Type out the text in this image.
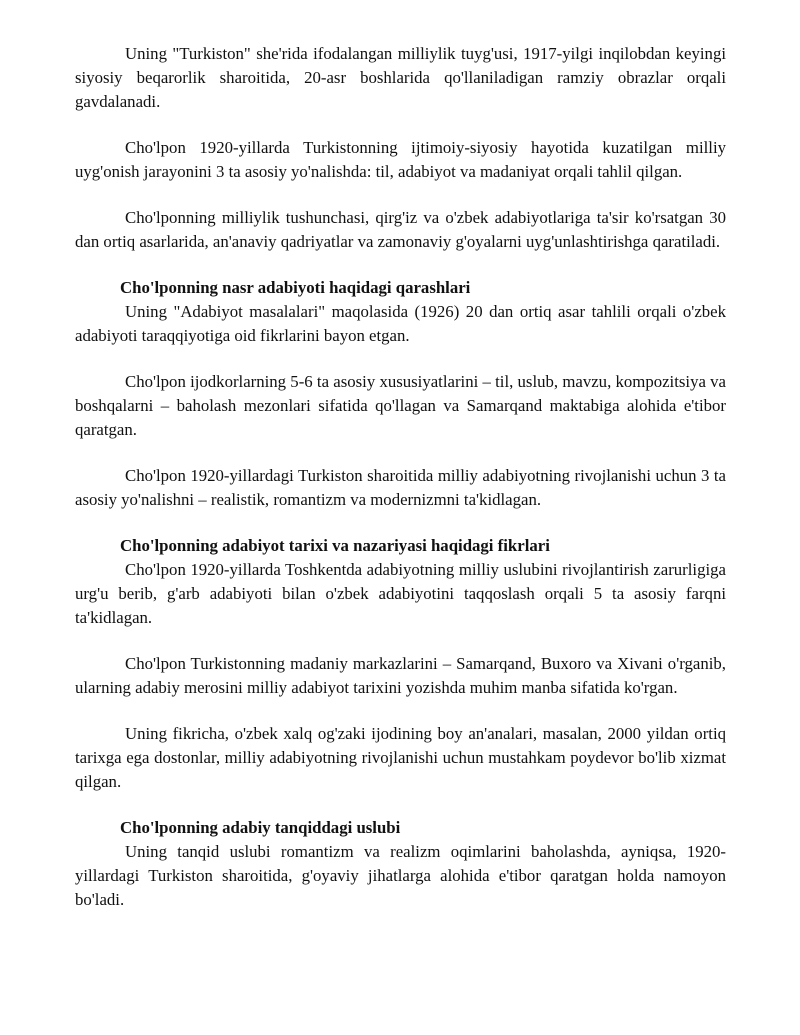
Uning "Turkiston" she'rida ifodalangan milliylik tuyg'usi, 1917-yilgi inqilobdan keyingi siyosiy beqarorlik sharoitida, 20-asr boshlarida qo'llaniladigan ramziy obrazlar orqali gavdalanadi.

Cho'lpon 1920-yillarda Turkistonning ijtimoiy-siyosiy hayotida kuzatilgan milliy uyg'onish jarayonini 3 ta asosiy yo'nalishda: til, adabiyot va madaniyat orqali tahlil qilgan.

Cho'lponning milliylik tushunchasi, qirg'iz va o'zbek adabiyotlariga ta'sir ko'rsatgan 30 dan ortiq asarlarida, an'anaviy qadriyatlar va zamonaviy g'oyalarni uyg'unlashtirishga qaratiladi.

Cho'lponning nasr adabiyoti haqidagi qarashlari

Uning "Adabiyot masalalari" maqolasida (1926) 20 dan ortiq asar tahlili orqali o'zbek adabiyoti taraqqiyotiga oid fikrlarini bayon etgan.

Cho'lpon ijodkorlarning 5-6 ta asosiy xususiyatlarini – til, uslub, mavzu, kompozitsiya va boshqalarni – baholash mezonlari sifatida qo'llagan va Samarqand maktabiga alohida e'tibor qaratgan.

Cho'lpon 1920-yillardagi Turkiston sharoitida milliy adabiyotning rivojlanishi uchun 3 ta asosiy yo'nalishni – realistik, romantizm va modernizmni ta'kidlagan.

Cho'lponning adabiyot tarixi va nazariyasi haqidagi fikrlari

Cho'lpon 1920-yillarda Toshkentda adabiyotning milliy uslubini rivojlantirish zarurligiga urg'u berib, g'arb adabiyoti bilan o'zbek adabiyotini taqqoslash orqali 5 ta asosiy farqni ta'kidlagan.

Cho'lpon Turkistonning madaniy markazlarini – Samarqand, Buxoro va Xivani o'rganib, ularning adabiy merosini milliy adabiyot tarixini yozishda muhim manba sifatida ko'rgan.

Uning fikricha, o'zbek xalq og'zaki ijodining boy an'analari, masalan, 2000 yildan ortiq tarixga ega dostonlar, milliy adabiyotning rivojlanishi uchun mustahkam poydevor bo'lib xizmat qilgan.

Cho'lponning adabiy tanqiddagi uslubi

Uning tanqid uslubi romantizm va realizm oqimlarini baholashda, ayniqsa, 1920-yillardagi Turkiston sharoitida, g'oyaviy jihatlarga alohida e'tibor qaratgan holda namoyon bo'ladi.
